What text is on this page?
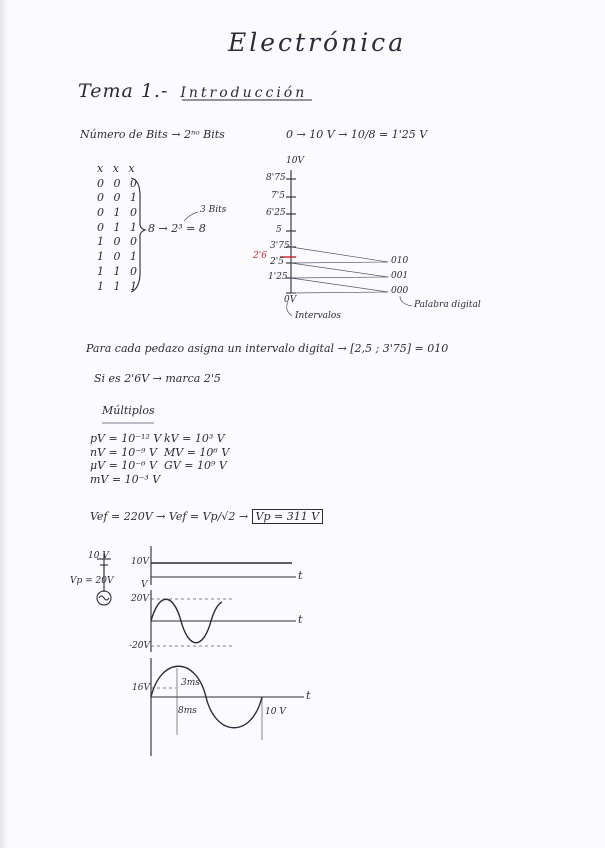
Electrónica
Tema 1.- Introducción
Número de Bits → 2ⁿᵒ Bits	0 → 10 V → 10/8 = 1'25 V
x x x
0 0 0
0 0 1
0 1 0
0 1 1
1 0 0
1 0 1
1 1 0
1 1 1
8 → 2³ = 8
3 Bits
10V
8'75
7'5
6'25
5
3'75
2'5
1'25
0V
2'6	010
001
000
Intervalos
Palabra digital
Para cada pedazo asigna un intervalo digital → [2,5 ; 3'75] = 010
Si es 2'6V → marca 2'5
Múltiplos
pV = 10⁻¹² V
nV = 10⁻⁹ V
μV = 10⁻⁶ V
mV = 10⁻³ V
kV = 10³ V
MV = 10⁶ V
GV = 10⁹ V
Vef = 220V → Vef = Vp/√2 → Vp = 311 V
10 V
Vp = 20V
10V
t
V
20V
-20V
t
16V	3ms
8ms	10 V
t
